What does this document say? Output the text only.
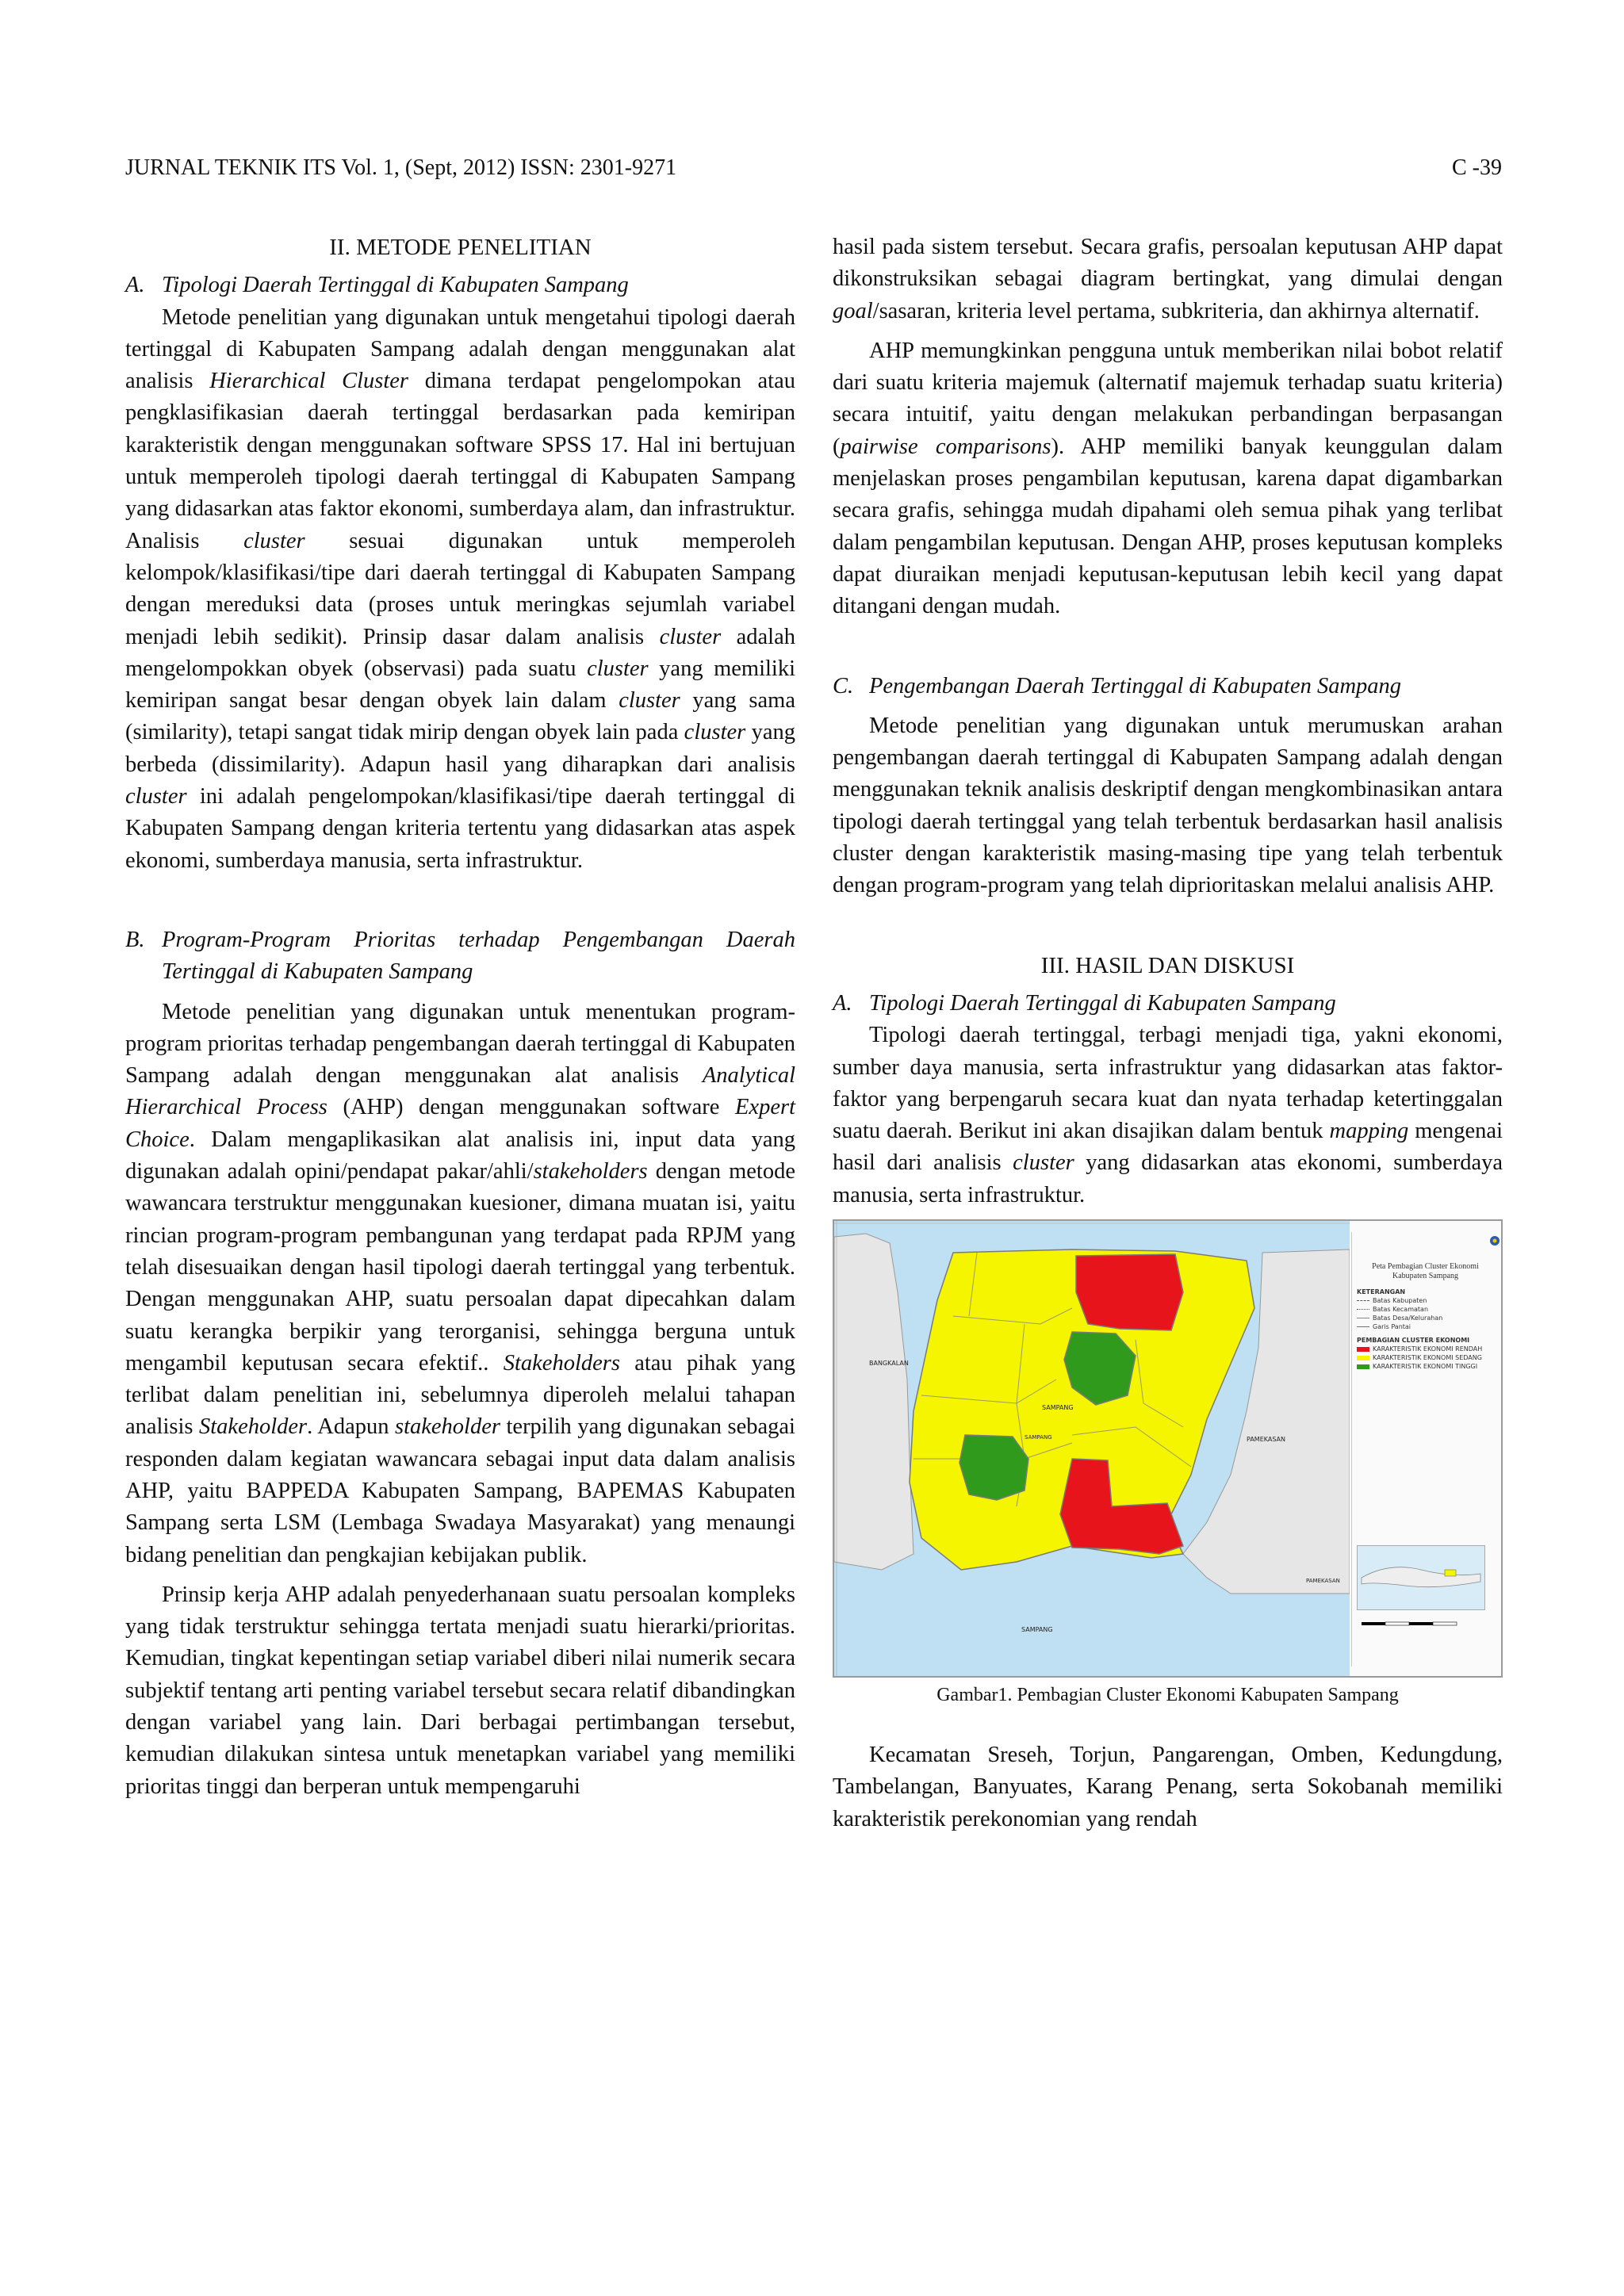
JURNAL TEKNIK ITS Vol. 1, (Sept, 2012) ISSN: 2301-9271	C -39
II. METODE PENELITIAN
A. Tipologi Daerah Tertinggal di Kabupaten Sampang

Metode penelitian yang digunakan untuk mengetahui tipologi daerah tertinggal di Kabupaten Sampang adalah dengan menggunakan alat analisis Hierarchical Cluster dimana terdapat pengelompokan atau pengklasifikasian daerah tertinggal berdasarkan pada kemiripan karakteristik dengan menggunakan software SPSS 17. Hal ini bertujuan untuk memperoleh tipologi daerah tertinggal di Kabupaten Sampang yang didasarkan atas faktor ekonomi, sumberdaya alam, dan infrastruktur. Analisis cluster sesuai digunakan untuk memperoleh kelompok/klasifikasi/tipe dari daerah tertinggal di Kabupaten Sampang dengan mereduksi data (proses untuk meringkas sejumlah variabel menjadi lebih sedikit). Prinsip dasar dalam analisis cluster adalah mengelompokkan obyek (observasi) pada suatu cluster yang memiliki kemiripan sangat besar dengan obyek lain dalam cluster yang sama (similarity), tetapi sangat tidak mirip dengan obyek lain pada cluster yang berbeda (dissimilarity). Adapun hasil yang diharapkan dari analisis cluster ini adalah pengelompokan/klasifikasi/tipe daerah tertinggal di Kabupaten Sampang dengan kriteria tertentu yang didasarkan atas aspek ekonomi, sumberdaya manusia, serta infrastruktur.

B. Program-Program Prioritas terhadap Pengembangan Daerah Tertinggal di Kabupaten Sampang

Metode penelitian yang digunakan untuk menentukan program-program prioritas terhadap pengembangan daerah tertinggal di Kabupaten Sampang adalah dengan menggunakan alat analisis Analytical Hierarchical Process (AHP) dengan menggunakan software Expert Choice. Dalam mengaplikasikan alat analisis ini, input data yang digunakan adalah opini/pendapat pakar/ahli/stakeholders dengan metode wawancara terstruktur menggunakan kuesioner, dimana muatan isi, yaitu rincian program-program pembangunan yang terdapat pada RPJM yang telah disesuaikan dengan hasil tipologi daerah tertinggal yang terbentuk. Dengan menggunakan AHP, suatu persoalan dapat dipecahkan dalam suatu kerangka berpikir yang terorganisi, sehingga berguna untuk mengambil keputusan secara efektif.. Stakeholders atau pihak yang terlibat dalam penelitian ini, sebelumnya diperoleh melalui tahapan analisis Stakeholder. Adapun stakeholder terpilih yang digunakan sebagai responden dalam kegiatan wawancara sebagai input data dalam analisis AHP, yaitu BAPPEDA Kabupaten Sampang, BAPEMAS Kabupaten Sampang serta LSM (Lembaga Swadaya Masyarakat) yang menaungi bidang penelitian dan pengkajian kebijakan publik.

Prinsip kerja AHP adalah penyederhanaan suatu persoalan kompleks yang tidak terstruktur sehingga tertata menjadi suatu hierarki/prioritas. Kemudian, tingkat kepentingan setiap variabel diberi nilai numerik secara subjektif tentang arti penting variabel tersebut secara relatif dibandingkan dengan variabel yang lain. Dari berbagai pertimbangan tersebut, kemudian dilakukan sintesa untuk menetapkan variabel yang memiliki prioritas tinggi dan berperan untuk mempengaruhi

hasil pada sistem tersebut. Secara grafis, persoalan keputusan AHP dapat dikonstruksikan sebagai diagram bertingkat, yang dimulai dengan goal/sasaran, kriteria level pertama, subkriteria, dan akhirnya alternatif.

AHP memungkinkan pengguna untuk memberikan nilai bobot relatif dari suatu kriteria majemuk (alternatif majemuk terhadap suatu kriteria) secara intuitif, yaitu dengan melakukan perbandingan berpasangan (pairwise comparisons). AHP memiliki banyak keunggulan dalam menjelaskan proses pengambilan keputusan, karena dapat digambarkan secara grafis, sehingga mudah dipahami oleh semua pihak yang terlibat dalam pengambilan keputusan. Dengan AHP, proses keputusan kompleks dapat diuraikan menjadi keputusan-keputusan lebih kecil yang dapat ditangani dengan mudah.

C. Pengembangan Daerah Tertinggal di Kabupaten Sampang

Metode penelitian yang digunakan untuk merumuskan arahan pengembangan daerah tertinggal di Kabupaten Sampang adalah dengan menggunakan teknik analisis deskriptif dengan mengkombinasikan antara tipologi daerah tertinggal yang telah terbentuk berdasarkan hasil analisis cluster dengan karakteristik masing-masing tipe yang telah terbentuk dengan program-program yang telah diprioritaskan melalui analisis AHP.

III. HASIL DAN DISKUSI
A. Tipologi Daerah Tertinggal di Kabupaten Sampang

Tipologi daerah tertinggal, terbagi menjadi tiga, yakni ekonomi, sumber daya manusia, serta infrastruktur yang didasarkan atas faktor-faktor yang berpengaruh secara kuat dan nyata terhadap ketertinggalan suatu daerah. Berikut ini akan disajikan dalam bentuk mapping mengenai hasil dari analisis cluster yang didasarkan atas ekonomi, sumberdaya manusia, serta infrastruktur.

BANGKALAN
SAMPANG
SAMPANG	PAMEKASAN
PAMEKASAN
SAMPANG
Peta Pembagian Cluster Ekonomi Kabupaten Sampang
KETERANGAN
Batas Kabupaten
Batas Kecamatan
Batas Desa/Kelurahan
Garis Pantai
PEMBAGIAN CLUSTER EKONOMI
KARAKTERISTIK EKONOMI RENDAH
KARAKTERISTIK EKONOMI SEDANG
KARAKTERISTIK EKONOMI TINGGI

Gambar1. Pembagian Cluster Ekonomi Kabupaten Sampang

Kecamatan Sreseh, Torjun, Pangarengan, Omben, Kedungdung, Tambelangan, Banyuates, Karang Penang, serta Sokobanah memiliki karakteristik perekonomian yang rendah
